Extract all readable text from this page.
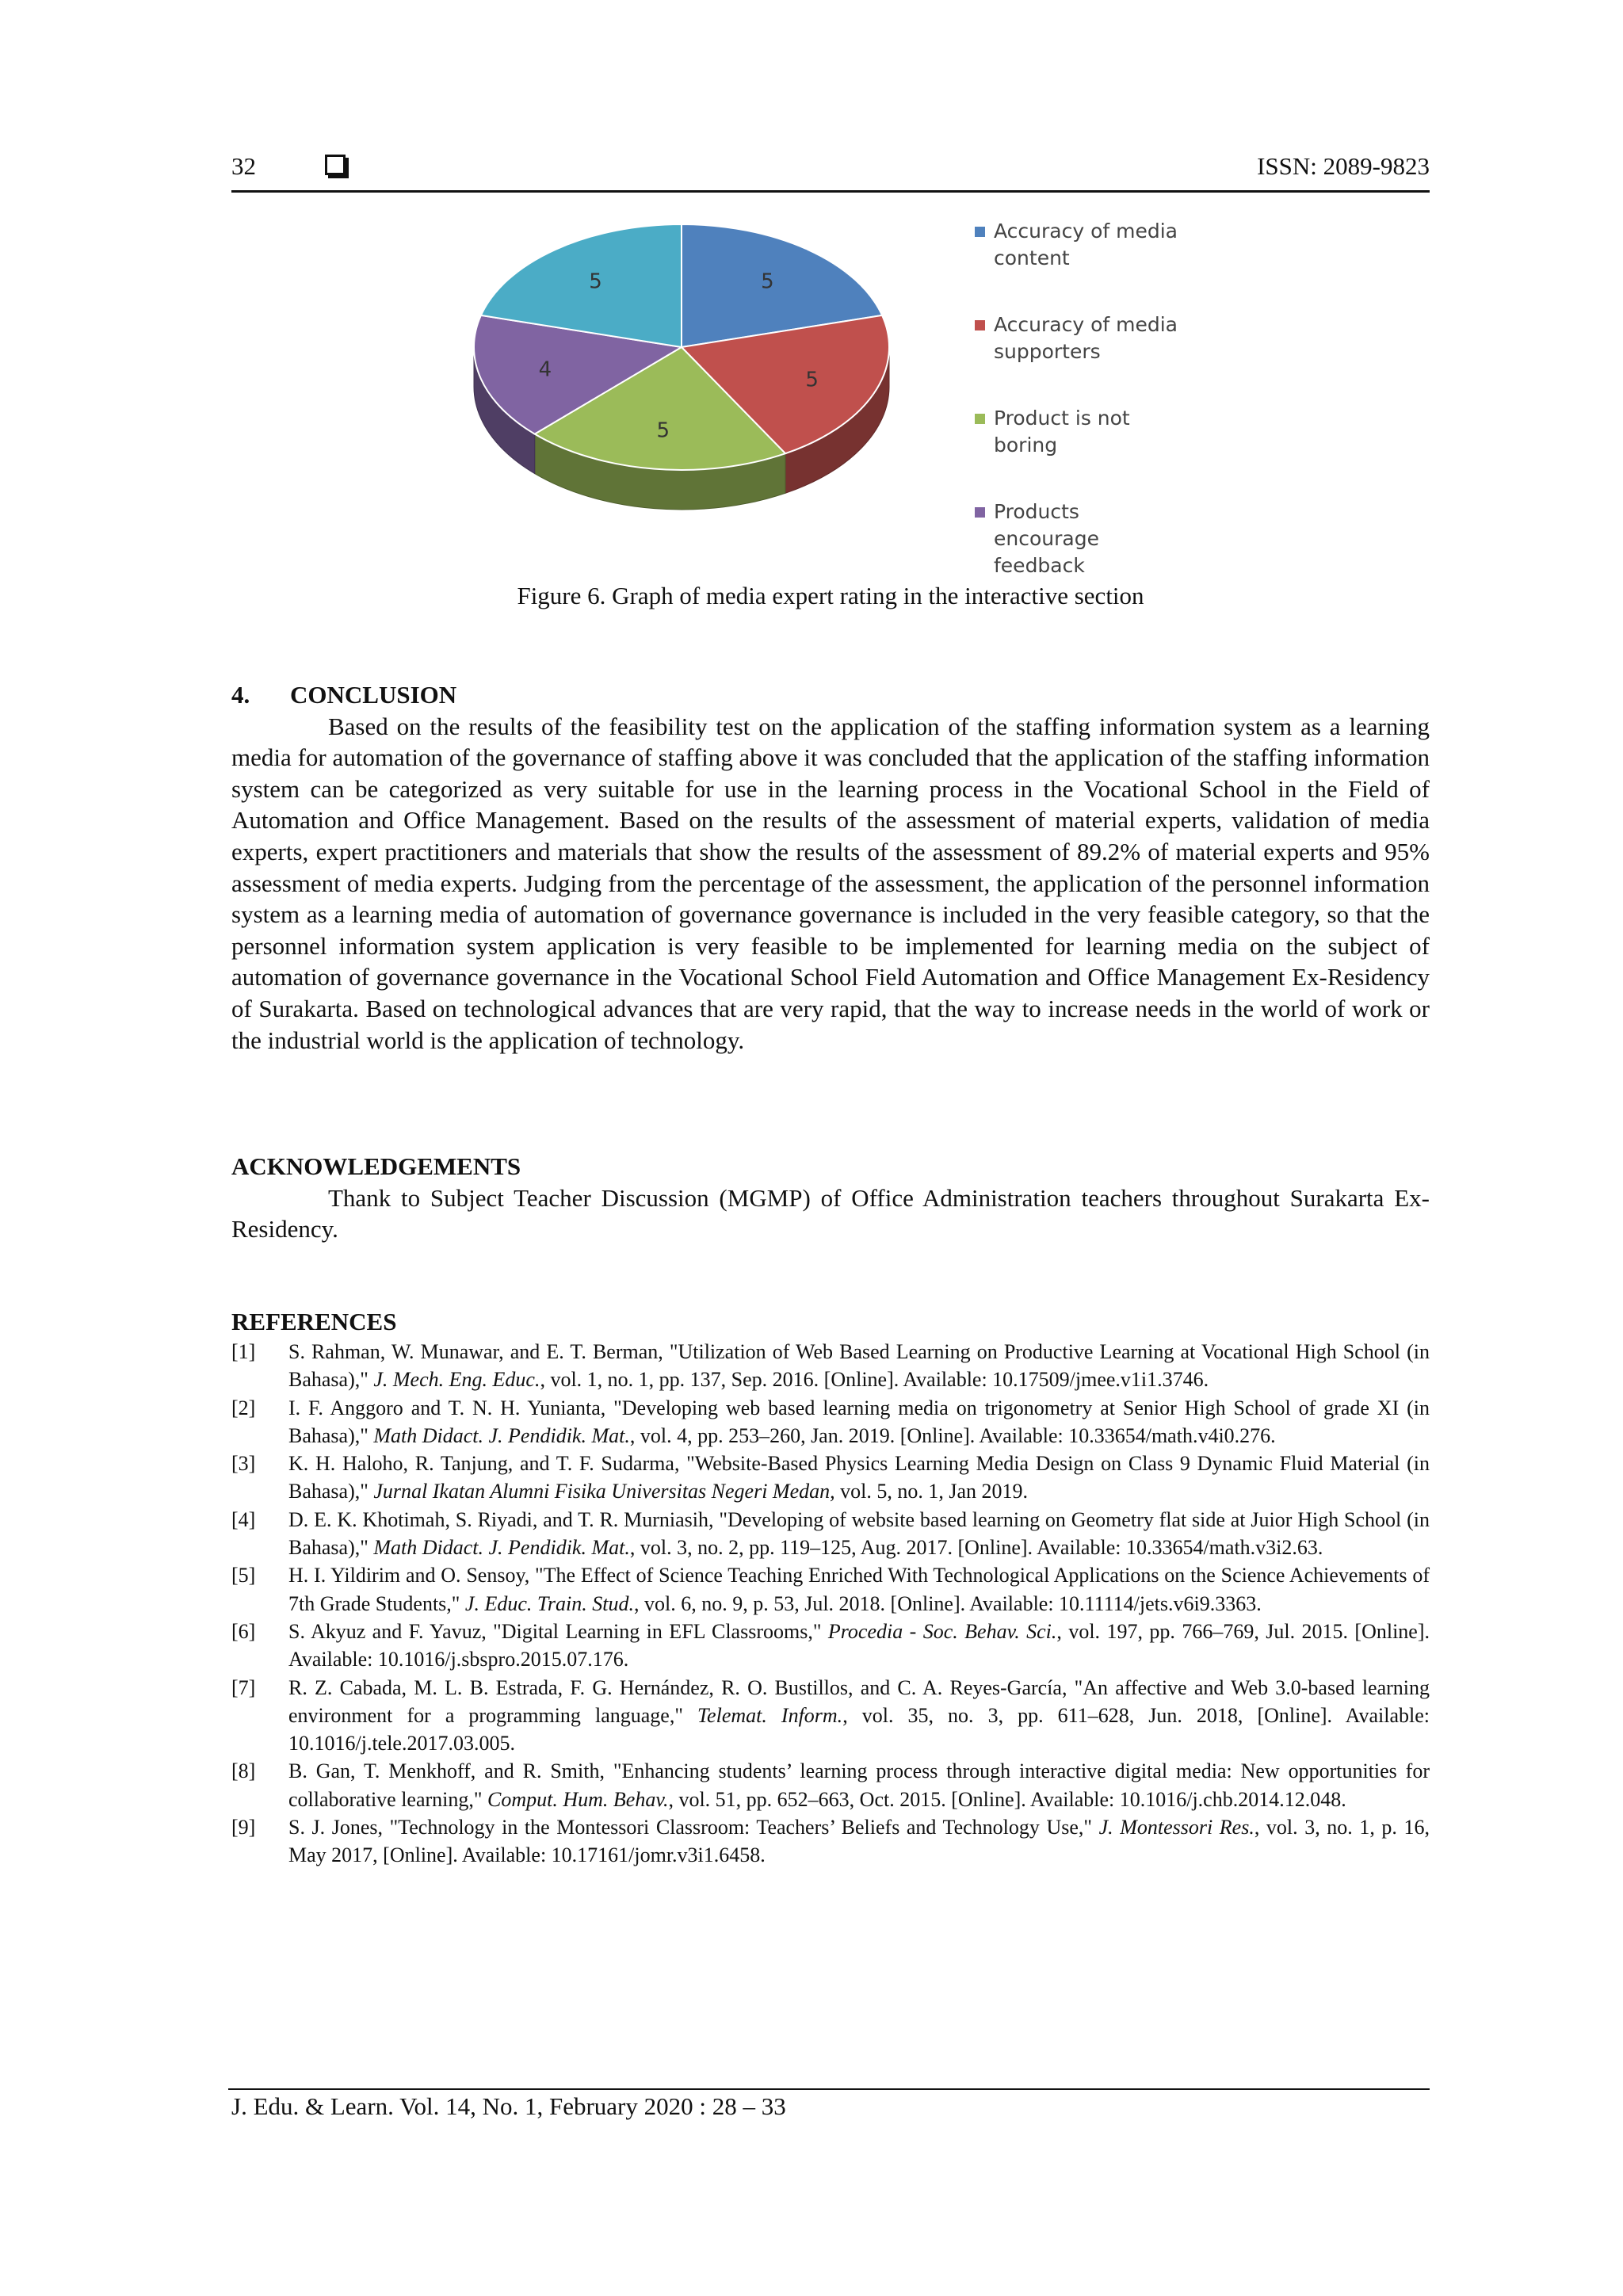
32	ISSN: 2089-9823
5
5
5
4
5
Accuracy of media content
Accuracy of media supporters
Product is not boring
Products encourage feedback
Figure 6. Graph of media expert rating in the interactive section
4. CONCLUSION

Based on the results of the feasibility test on the application of the staffing information system as a learning media for automation of the governance of staffing above it was concluded that the application of the staffing information system can be categorized as very suitable for use in the learning process in the Vocational School in the Field of Automation and Office Management. Based on the results of the assessment of material experts, validation of media experts, expert practitioners and materials that show the results of the assessment of 89.2% of material experts and 95% assessment of media experts. Judging from the percentage of the assessment, the application of the personnel information system as a learning media of automation of governance governance is included in the very feasible category, so that the personnel information system application is very feasible to be implemented for learning media on the subject of automation of governance governance in the Vocational School Field Automation and Office Management Ex-Residency of Surakarta. Based on technological advances that are very rapid, that the way to increase needs in the world of work or the industrial world is the application of technology.

ACKNOWLEDGEMENTS

Thank to Subject Teacher Discussion (MGMP) of Office Administration teachers throughout Surakarta Ex-Residency.

REFERENCES
[1] S. Rahman, W. Munawar, and E. T. Berman, "Utilization of Web Based Learning on Productive Learning at Vocational High School (in Bahasa)," J. Mech. Eng. Educ., vol. 1, no. 1, pp. 137, Sep. 2016. [Online]. Available: 10.17509/jmee.v1i1.3746.
[2] I. F. Anggoro and T. N. H. Yunianta, "Developing web based learning media on trigonometry at Senior High School of grade XI (in Bahasa)," Math Didact. J. Pendidik. Mat., vol. 4, pp. 253–260, Jan. 2019. [Online]. Available: 10.33654/math.v4i0.276.
[3] K. H. Haloho, R. Tanjung, and T. F. Sudarma, "Website-Based Physics Learning Media Design on Class 9 Dynamic Fluid Material (in Bahasa)," Jurnal Ikatan Alumni Fisika Universitas Negeri Medan, vol. 5, no. 1, Jan 2019.
[4] D. E. K. Khotimah, S. Riyadi, and T. R. Murniasih, "Developing of website based learning on Geometry flat side at Juior High School (in Bahasa)," Math Didact. J. Pendidik. Mat., vol. 3, no. 2, pp. 119–125, Aug. 2017. [Online]. Available: 10.33654/math.v3i2.63.
[5] H. I. Yildirim and O. Sensoy, "The Effect of Science Teaching Enriched With Technological Applications on the Science Achievements of 7th Grade Students," J. Educ. Train. Stud., vol. 6, no. 9, p. 53, Jul. 2018. [Online]. Available: 10.11114/jets.v6i9.3363.
[6] S. Akyuz and F. Yavuz, "Digital Learning in EFL Classrooms," Procedia - Soc. Behav. Sci., vol. 197, pp. 766–769, Jul. 2015. [Online]. Available: 10.1016/j.sbspro.2015.07.176.
[7] R. Z. Cabada, M. L. B. Estrada, F. G. Hernández, R. O. Bustillos, and C. A. Reyes-García, "An affective and Web 3.0-based learning environment for a programming language," Telemat. Inform., vol. 35, no. 3, pp. 611–628, Jun. 2018, [Online]. Available: 10.1016/j.tele.2017.03.005.
[8] B. Gan, T. Menkhoff, and R. Smith, "Enhancing students’ learning process through interactive digital media: New opportunities for collaborative learning," Comput. Hum. Behav., vol. 51, pp. 652–663, Oct. 2015. [Online]. Available: 10.1016/j.chb.2014.12.048.
[9] S. J. Jones, "Technology in the Montessori Classroom: Teachers’ Beliefs and Technology Use," J. Montessori Res., vol. 3, no. 1, p. 16, May 2017, [Online]. Available: 10.17161/jomr.v3i1.6458.
J. Edu. & Learn. Vol. 14, No. 1, February 2020 : 28 – 33
